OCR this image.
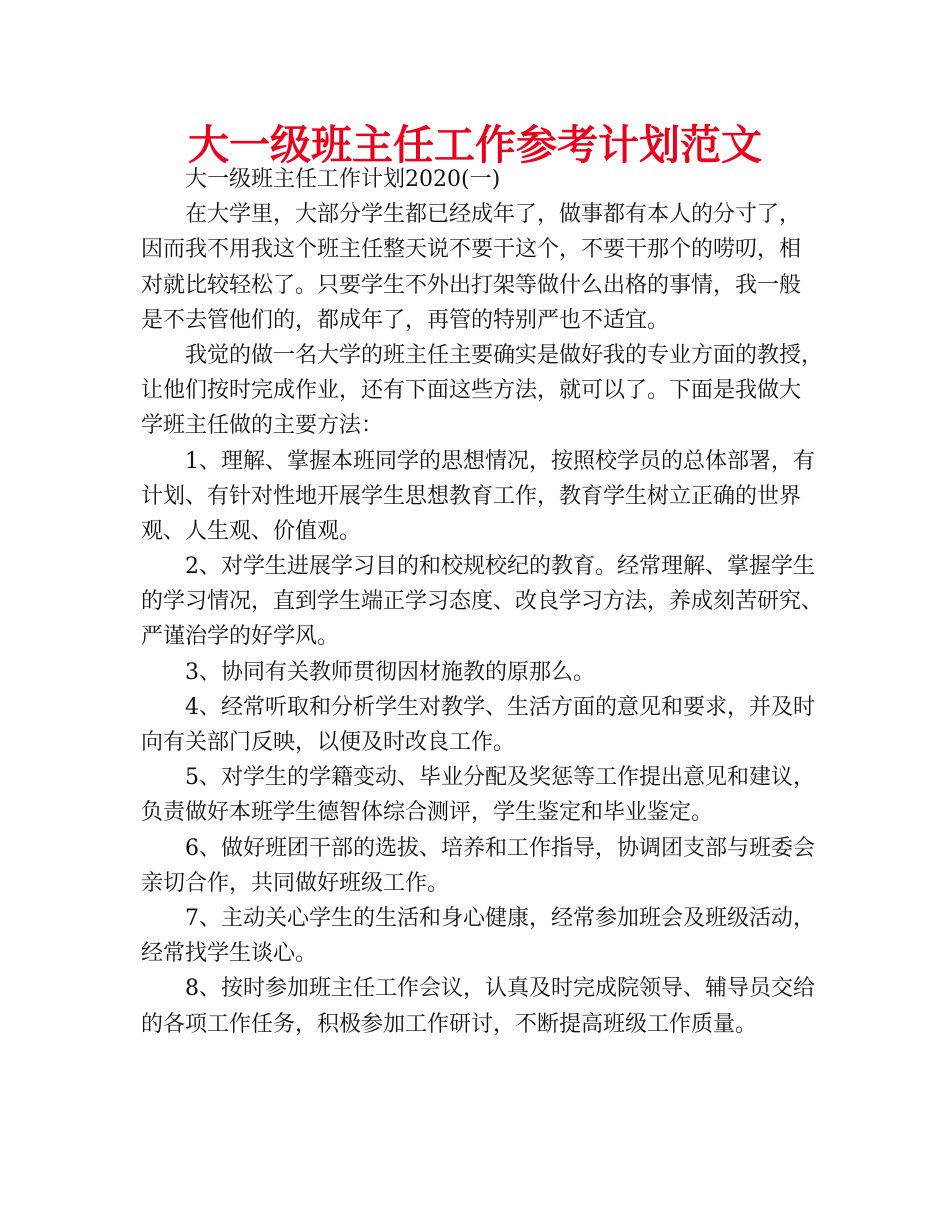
大一级班主任工作参考计划范文
大一级班主任工作计划2020(一)
在大学里，大部分学生都已经成年了，做事都有本人的分寸了，
因而我不用我这个班主任整天说不要干这个，不要干那个的唠叨，相
对就比较轻松了。只要学生不外出打架等做什么出格的事情，我一般
是不去管他们的，都成年了，再管的特别严也不适宜。
我觉的做一名大学的班主任主要确实是做好我的专业方面的教授，
让他们按时完成作业，还有下面这些方法，就可以了。下面是我做大
学班主任做的主要方法：
1、理解、掌握本班同学的思想情况，按照校学员的总体部署，有
计划、有针对性地开展学生思想教育工作，教育学生树立正确的世界
观、人生观、价值观。
2、对学生进展学习目的和校规校纪的教育。经常理解、掌握学生
的学习情况，直到学生端正学习态度、改良学习方法，养成刻苦研究、
严谨治学的好学风。
3、协同有关教师贯彻因材施教的原那么。
4、经常听取和分析学生对教学、生活方面的意见和要求，并及时
向有关部门反映，以便及时改良工作。
5、对学生的学籍变动、毕业分配及奖惩等工作提出意见和建议，
负责做好本班学生德智体综合测评，学生鉴定和毕业鉴定。
6、做好班团干部的选拔、培养和工作指导，协调团支部与班委会
亲切合作，共同做好班级工作。
7、主动关心学生的生活和身心健康，经常参加班会及班级活动，
经常找学生谈心。
8、按时参加班主任工作会议，认真及时完成院领导、辅导员交给
的各项工作任务，积极参加工作研讨，不断提高班级工作质量。
